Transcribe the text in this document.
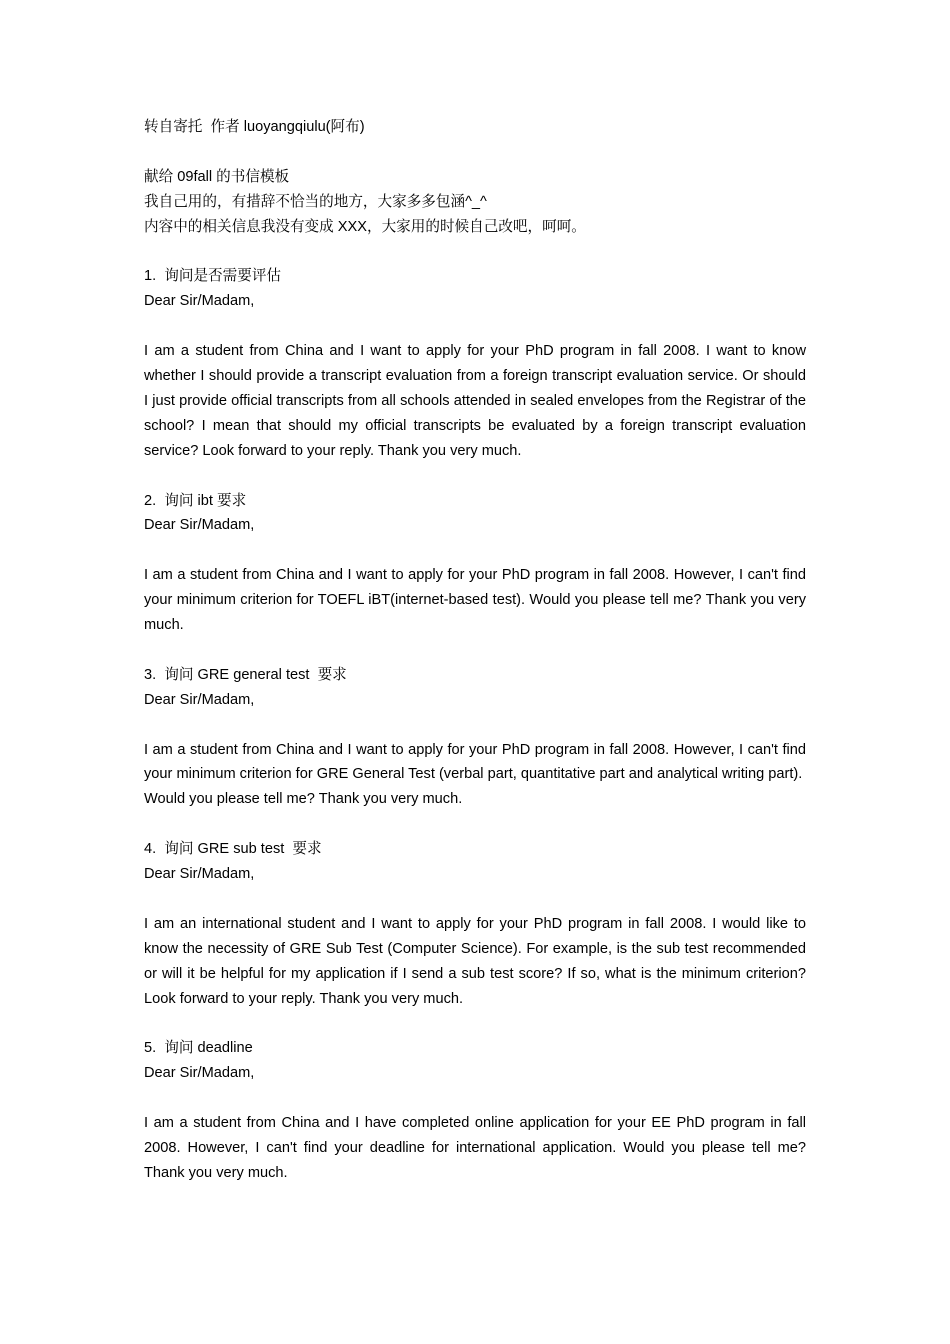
转自寄托  作者 luoyangqiulu(阿布)

献给 09fall 的书信模板

我自己用的，有措辞不恰当的地方，大家多多包涵^_^

内容中的相关信息我没有变成 XXX，大家用的时候自己改吧，呵呵。

1.  询问是否需要评估

Dear Sir/Madam,

I am a student from China and I want to apply for your PhD program in fall 2008. I want to know whether I should provide a transcript evaluation from a foreign transcript evaluation service. Or should I just provide official transcripts from all schools attended in sealed envelopes from the Registrar of the school? I mean that should my official transcripts be evaluated by a foreign transcript evaluation service? Look forward to your reply. Thank you very much.

2.  询问 ibt 要求

Dear Sir/Madam,

I am a student from China and I want to apply for your PhD program in fall 2008. However, I can't find your minimum criterion for TOEFL iBT(internet-based test). Would you please tell me? Thank you very much.

3.  询问 GRE general test  要求

Dear Sir/Madam,

I am a student from China and I want to apply for your PhD program in fall 2008. However, I can't find your minimum criterion for GRE General Test (verbal part, quantitative part and analytical writing part).

Would you please tell me? Thank you very much.

4.  询问 GRE sub test  要求

Dear Sir/Madam,

I am an international student and I want to apply for your PhD program in fall 2008. I would like to know the necessity of GRE Sub Test (Computer Science). For example, is the sub test recommended or will it be helpful for my application if I send a sub test score? If so, what is the minimum criterion? Look forward to your reply. Thank you very much.

5.  询问 deadline

Dear Sir/Madam,

I am a student from China and I have completed online application for your EE PhD program in fall 2008. However, I can't find your deadline for international application. Would you please tell me? Thank you very much.
